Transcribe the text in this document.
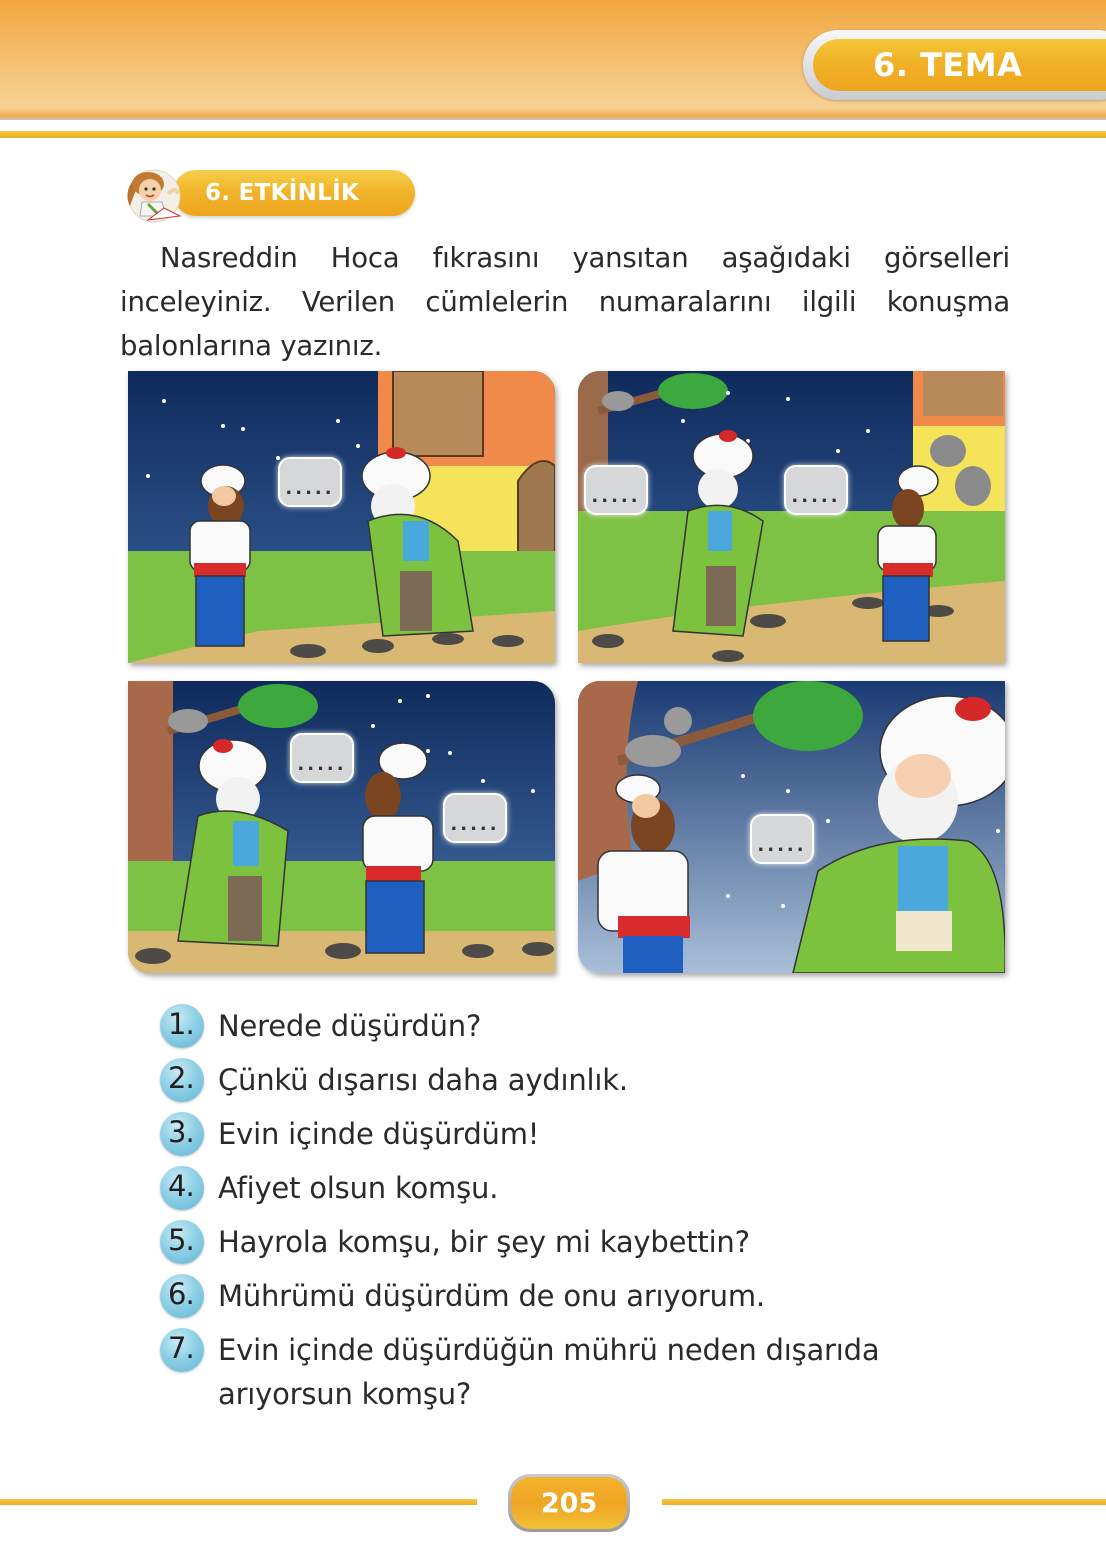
6. TEMA
6. ETKİNLİK
Nasreddin Hoca fıkrasını yansıtan aşağıdaki görselleri inceleyiniz. Verilen cümlelerin numaralarını ilgili konuşma balonlarına yazınız.
.....	.....	.....
.....
.....
.....
1. Nerede düşürdün?
2. Çünkü dışarısı daha aydınlık.
3. Evin içinde düşürdüm!
4. Afiyet olsun komşu.
5. Hayrola komşu, bir şey mi kaybettin?
6. Mührümü düşürdüm de onu arıyorum.
7. Evin içinde düşürdüğün mührü neden dışarıda arıyorsun komşu?
205
